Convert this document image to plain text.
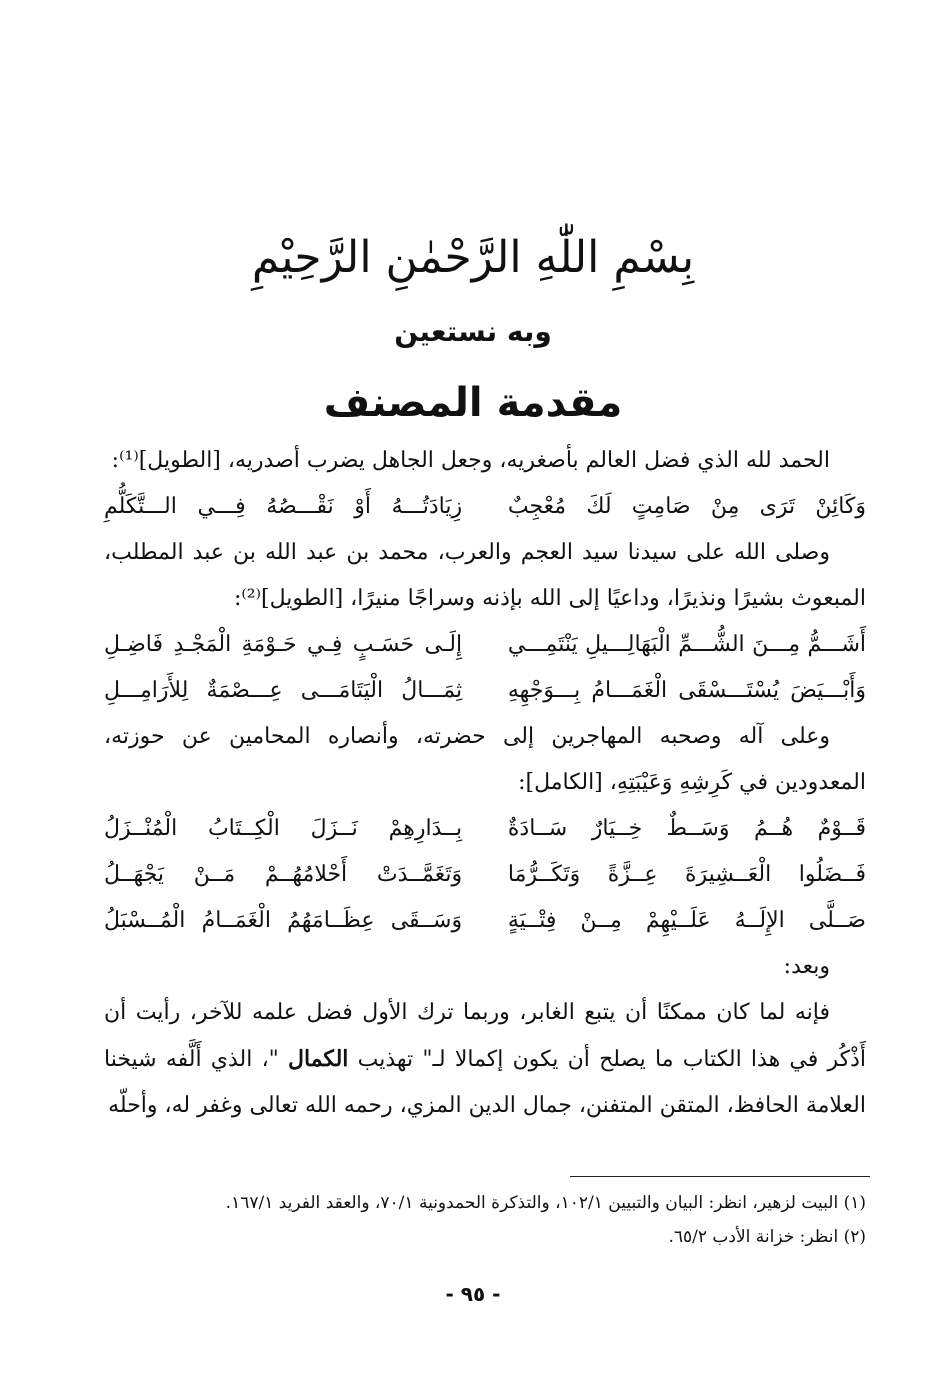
بِسْمِ اللّٰهِ الرَّحْمٰنِ الرَّحِيْمِ
وبه نستعين
مقدمة المصنف

الحمد لله الذي فضل العالم بأصغريه، وجعل الجاهل يضرب أصدريه، [الطويل]⁽¹⁾:

وَكَائِنْ تَرَى مِنْ صَامِتٍ لَكَ مُعْجِبٌ
زِيَادَتُـــهُ أَوْ نَقْـــصُهُ فِـــي الـــتَّكَلُّمِ

وصلى الله على سيدنا سيد العجم والعرب، محمد بن عبد الله بن عبد المطلب، المبعوث بشيرًا ونذيرًا، وداعيًا إلى الله بإذنه وسراجًا منيرًا، [الطويل]⁽²⁾:

أَشَـــمُّ مِـــنَ الشُّـــمِّ الْبَهَالِـــيلِ يَنْتَمِـــي
إِلَـى حَسَـبٍ فِـي حَـوْمَةِ الْمَجْـدِ فَاضِـلِ
وَأَبْـــيَضَ يُسْتَـــسْقَى الْغَمَـــامُ بِـــوَجْهِهِ
ثِمَـــالُ الْيَتَامَـــى عِـــصْمَةٌ لِلأَرَامِـــلِ

وعلى آله وصحبه المهاجرين إلى حضرته، وأنصاره المحامين عن حوزته، المعدودين في كَرِشِهِ وَعَيْبَتِهِ، [الكامل]:

قَــوْمٌ هُــمُ وَسَــطٌ خِــيَارٌ سَــادَةٌ
بِــدَارِهِمْ نَــزَلَ الْكِــتَابُ الْمُنْــزَلُ
فَــضَلُوا الْعَــشِيرَةَ عِــزَّةً وَتَكَــرُّمَا
وَتَغَمَّــدَتْ أَحْلامُهُــمْ مَــنْ يَجْهَــلُ
صَــلَّى الإِلَــهُ عَلَــيْهِمْ مِــنْ فِتْــيَةٍ
وَسَــقَى عِظَــامَهُمُ الْغَمَــامُ الْمُــسْبَلُ

وبعد:

فإنه لما كان ممكنًا أن يتبع الغابر، وربما ترك الأول فضل علمه للآخر، رأيت أن أَذْكُر في هذا الكتاب ما يصلح أن يكون إكمالا لـ" تهذيب الكمال "، الذي أَلَّفه شيخنا العلامة الحافظ، المتقن المتفنن، جمال الدين المزي، رحمه الله تعالى وغفر له، وأحلّه

(١) البيت لزهير، انظر: البيان والتبيين ١٠٢/١، والتذكرة الحمدونية ٧٠/١، والعقد الفريد ١٦٧/١.

(٢) انظر: خزانة الأدب ٦٥/٢.

- ٩٥ -
